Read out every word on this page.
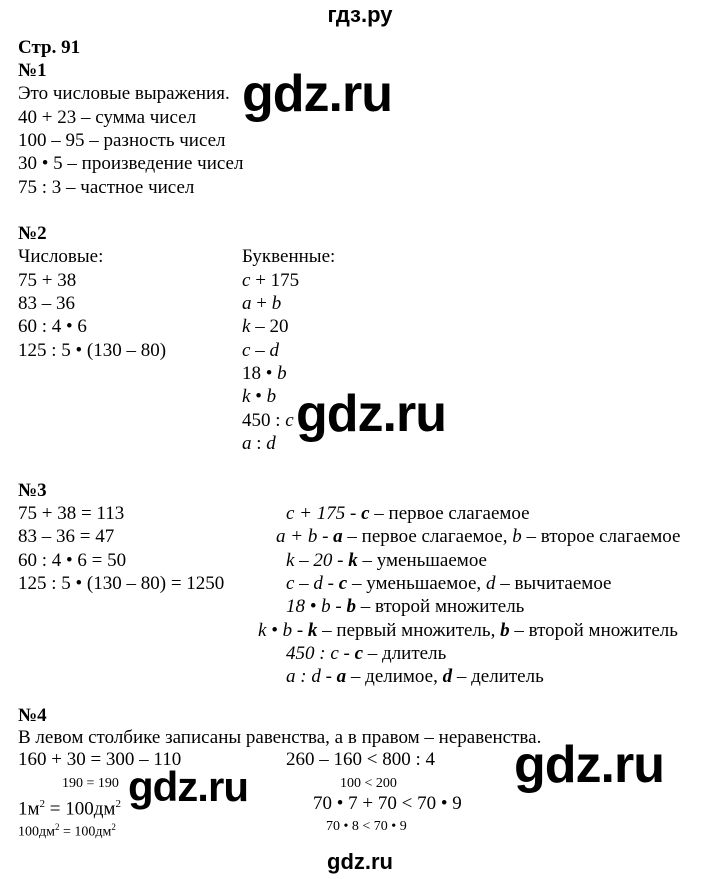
гдз.ру
Стр. 91
№1
Это числовые выражения.
40 + 23 – сумма чисел
100 – 95 – разность чисел
30 • 5 – произведение чисел
75 : 3 – частное чисел
№2
Числовые:
75 + 38
83 – 36
60 : 4 • 6
125 : 5 • (130 – 80)
Буквенные:
c + 175
a + b
k – 20
c – d
18 • b
k • b
450 : c
a : d
№3
75 + 38 = 113
83 – 36 = 47
60 : 4 • 6 = 50
125 : 5 • (130 – 80) = 1250
c + 175 - c – первое слагаемое
a + b - a – первое слагаемое, b – второе слагаемое
k – 20 - k – уменьшаемое
c – d - c – уменьшаемое, d – вычитаемое
18 • b - b – второй множитель
k • b - k – первый множитель, b – второй множитель
450 : c - c – длитель
a : d - a – делимое, d – делитель
№4
В левом столбике записаны равенства, а в правом – неравенства.
160 + 30 = 300 – 110
190 = 190
$1м^2 = 100дм^2$
$100дм^2 = 100дм^2$
260 – 160 < 800 : 4
100 < 200
70 • 7 + 70 < 70 • 9
70 • 8 < 70 • 9
gdz.ru
gdz.ru
gdz.ru
gdz.ru
gdz.ru
